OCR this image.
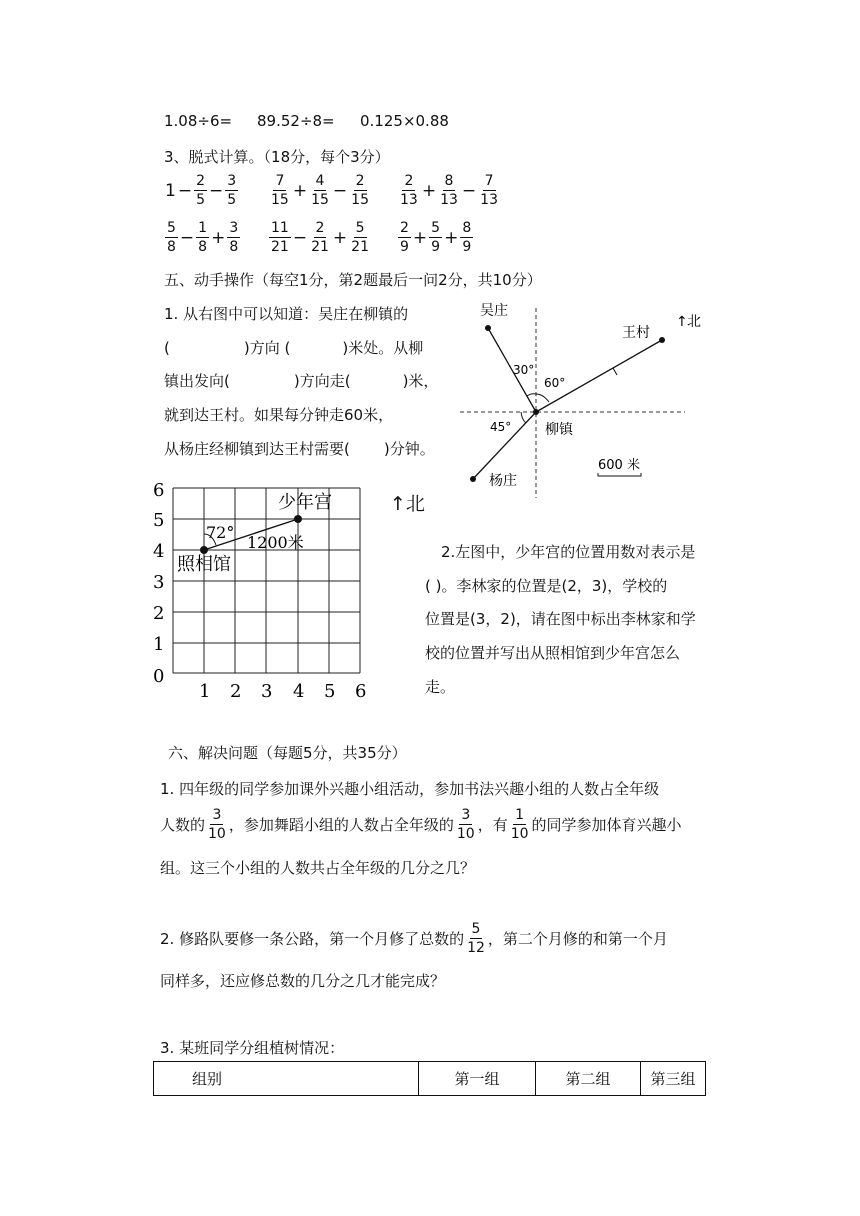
1.08÷6= 89.52÷8= 0.125×0.88
3、脱式计算。（18分，每个3分）
$1 - \frac{2}{5} - \frac{3}{5} \frac{7}{15} + \frac{4}{15} - \frac{2}{15} \frac{2}{13} + \frac{8}{13} - \frac{7}{13}$
$\frac{5}{8} - \frac{1}{8} + \frac{3}{8} \frac{11}{21} - \frac{2}{21} + \frac{5}{21} \frac{2}{9} + \frac{5}{9} + \frac{8}{9}$
五、动手操作（每空1分，第2题最后一问2分，共10分）
1. 从右图中可以知道：吴庄在柳镇的
(	)方向 (	)米处。从柳
镇出发向(	)方向走(	)米，
就到达王村。如果每分钟走60米，
从杨庄经柳镇到达王村需要( )分钟。
吴庄
王村
↑ 北
30°
60°
45° 柳镇
杨庄
600 米
6
5
4
3
2
1
0
1 2 3 4 5 6
72°
1200米
少年宫
照相馆
↑北
2.左图中，少年宫的位置用数对表示是
( )。李林家的位置是(2，3)，学校的
位置是(3，2)，请在图中标出李林家和学
校的位置并写出从照相馆到少年宫怎么
走。
六、解决问题（每题5分，共35分）
1. 四年级的同学参加课外兴趣小组活动，参加书法兴趣小组的人数占全年级
人数的 $\frac{3}{10}$ ，参加舞蹈小组的人数占全年级的 $\frac{3}{10}$ ，有 $\frac{1}{10}$ 的同学参加体育兴趣小
组。这三个小组的人数共占全年级的几分之几？
2. 修路队要修一条公路，第一个月修了总数的 $\frac{5}{12}$ ，第二个月修的和第一个月
同样多，还应修总数的几分之几才能完成？
3. 某班同学分组植树情况：
组别	第一组	第二组	第三组
